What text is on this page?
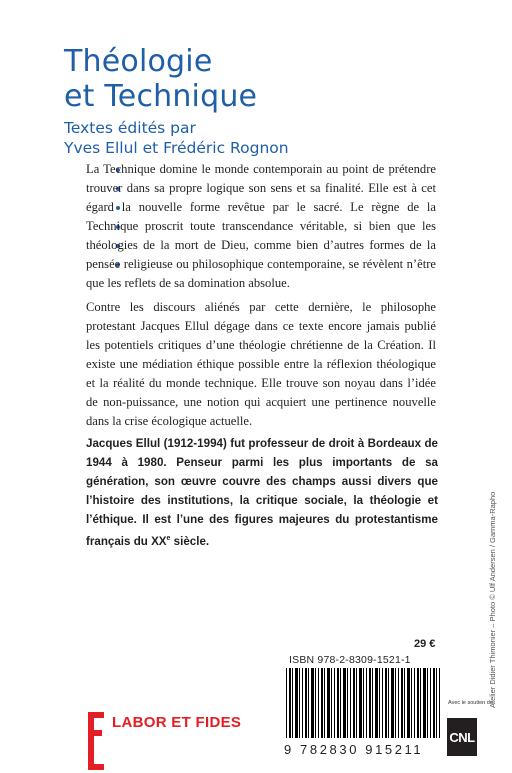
Théologie
et Technique
Textes édités par
Yves Ellul et Frédéric Rognon

La Technique domine le monde contemporain au point de prétendre trouver dans sa propre logique son sens et sa finalité. Elle est à cet égard la nouvelle forme revêtue par le sacré. Le règne de la Technique proscrit toute transcendance véritable, si bien que les théologies de la mort de Dieu, comme bien d’autres formes de la pensée religieuse ou philosophique contemporaine, se révèlent n’être que les reflets de sa domination absolue.

Contre les discours aliénés par cette dernière, le philosophe protestant Jacques Ellul dégage dans ce texte encore jamais publié les potentiels critiques d’une théologie chrétienne de la Création. Il existe une médiation éthique possible entre la réflexion théologique et la réalité du monde technique. Elle trouve son noyau dans l’idée de non-puissance, une notion qui acquiert une pertinence nouvelle dans la crise écologique actuelle.

Jacques Ellul (1912-1994) fut professeur de droit à Bordeaux de 1944 à 1980. Penseur parmi les plus importants de sa génération, son œuvre couvre des champs aussi divers que l’histoire des institutions, la critique sociale, la théologie et l’éthique. Il est l’une des figures majeures du protestantisme français du XXe siècle.	Atelier Didier Thimonier – Photo © Ulf Andersen / Gamma-Rapho
29 €
ISBN 978-2-8309-1521-1
9 782830 915211
LABOR ET FIDES
Avec le soutien du
CNL
